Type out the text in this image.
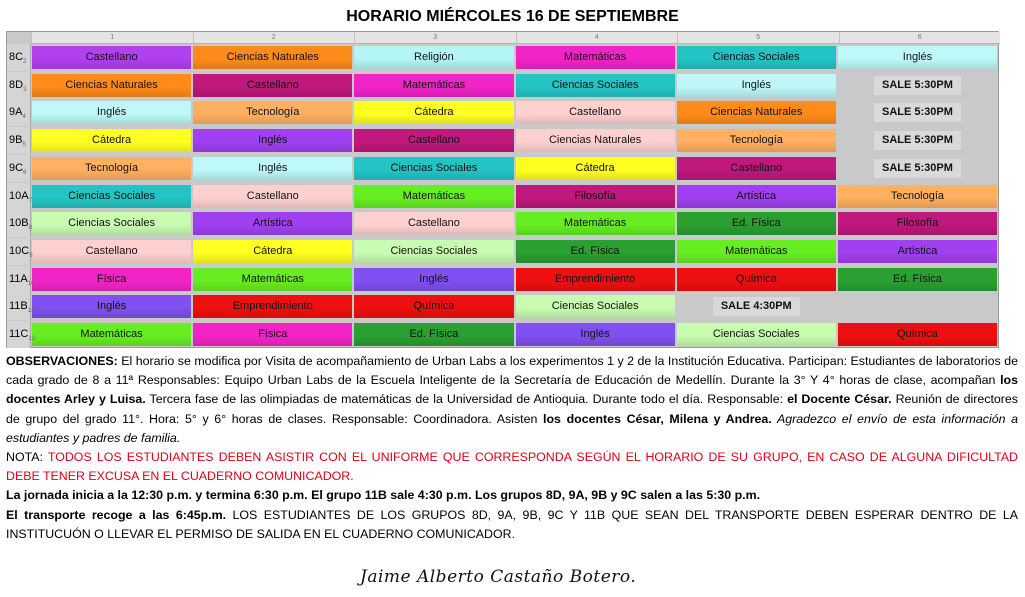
HORARIO MIÉRCOLES 16 DE SEPTIEMBRE
1	2	3	4	5	6
$8C_2$	Castellano	Ciencias Naturales	Religión	Matemáticas	Ciencias Sociales	Inglés
$8D_3$	Ciencias Naturales	Castellano	Matemáticas	Ciencias Sociales	Inglés	SALE 5:30PM
$9A_4$	Inglés	Tecnología	Cátedra	Castellano	Ciencias Naturales	SALE 5:30PM
$9B_5$	Cátedra	Inglés	Castellano	Ciencias Naturales	Tecnología	SALE 5:30PM
$9C_6$	Tecnología	Inglés	Ciencias Sociales	Cátedra	Castellano	SALE 5:30PM
$10A_7$	Ciencias Sociales	Castellano	Matemáticas	Filosofía	Artística	Tecnología
$10B_8$	Ciencias Sociales	Artística	Castellano	Matemáticas	Ed. Física	Filosofía
$10C_9$	Castellano	Cátedra	Ciencias Sociales	Ed. Física	Matemáticas	Artística
$11A_{10}$	Física	Matemáticas	Inglés	Emprendimiento	Química	Ed. Física
$11B_{11}$	Inglés	Emprendimiento	Química	Ciencias Sociales	SALE 4:30PM
$11C_{12}$	Matemáticas	Física	Ed. Física	Inglés	Ciencias Sociales	Química

OBSERVACIONES: El horario se modifica por Visita de acompañamiento de Urban Labs a los experimentos 1 y 2 de la Institución Educativa. Participan: Estudiantes de laboratorios de cada grado de 8 a 11ª Responsables: Equipo Urban Labs de la Escuela Inteligente de la Secretaría de Educación de Medellín. Durante la 3° Y 4° horas de clase, acompañan los docentes Arley y Luisa. Tercera fase de las olimpiadas de matemáticas de la Universidad de Antioquia. Durante todo el día. Responsable: el Docente César. Reunión de directores de grupo del grado 11°. Hora: 5° y 6° horas de clases. Responsable: Coordinadora. Asisten los docentes César, Milena y Andrea. Agradezco el envío de esta información a estudiantes y padres de familia.

NOTA: TODOS LOS ESTUDIANTES DEBEN ASISTIR CON EL UNIFORME QUE CORRESPONDA SEGÚN EL HORARIO DE SU GRUPO, EN CASO DE ALGUNA DIFICULTAD DEBE TENER EXCUSA EN EL CUADERNO COMUNICADOR.

La jornada inicia a la 12:30 p.m. y termina 6:30 p.m. El grupo 11B sale 4:30 p.m. Los grupos 8D, 9A, 9B y 9C salen a las 5:30 p.m.

El transporte recoge a las 6:45p.m. LOS ESTUDIANTES DE LOS GRUPOS 8D, 9A, 9B, 9C Y 11B QUE SEAN DEL TRANSPORTE DEBEN ESPERAR DENTRO DE LA INSTITUCUÓN O LLEVAR EL PERMISO DE SALIDA EN EL CUADERNO COMUNICADOR.

Jaime Alberto Castaño Botero.
